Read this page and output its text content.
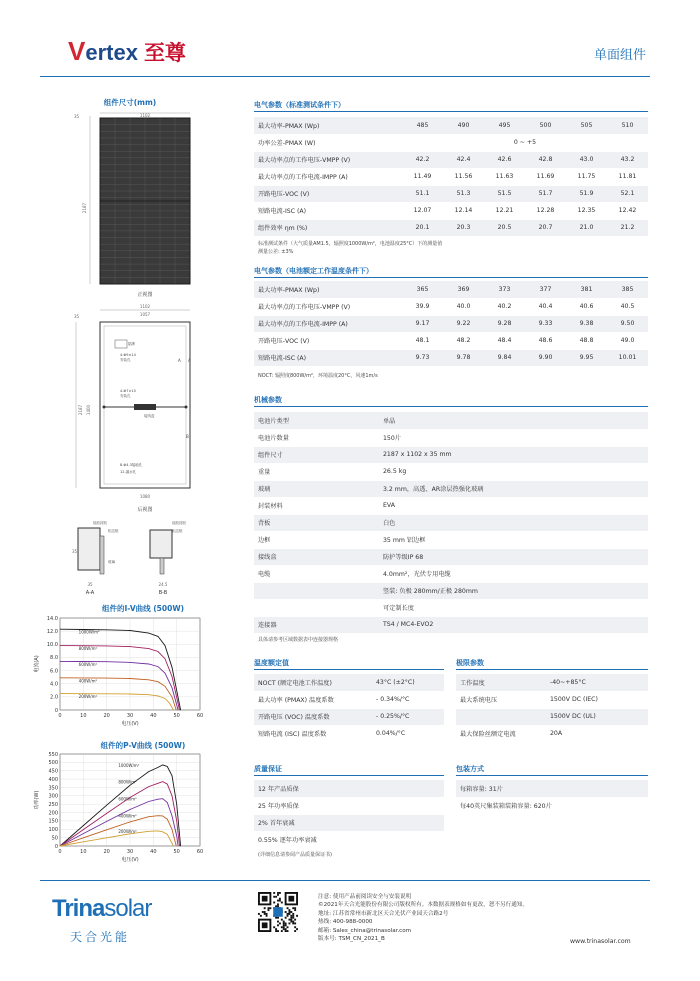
Vertex 至尊	单面组件
组件尺寸(mm)
1102
2187
35
正视图
1102
1057
35
2187 1400
铭牌
4-Φ9×14
安装孔
4-Φ7×10
安装孔
8-Φ4.3接地孔
12-漏水孔
接线盒
A A
B
1080
后视图
硅胶封胶
铝边框
玻璃
35
A-A
35
硅胶封胶
铝边框
24.5
B-B
组件的I-V曲线 (500W)
0	10	20	30	40	50	60
0
2.0
4.0
6.0
8.0
10.0
12.0
14.0
电压(V)
电流(A)
1000W/m²
800W/m²
600W/m²
400W/m²
200W/m²
组件的P-V曲线 (500W)
0	10	20	30	40	50	60
0
50
100
150
200
250
300
350
400
450
500
550
电压(V)
功率(W)
1000W/m²
800W/m²
600W/m²
400W/m²
200W/m²
电气参数（标准测试条件下）
最大功率-PMAX (Wp)	485	490	495	500	505	510
功率公差-PMAX (W)	0 ~ +5					
最大功率点的工作电压-VMPP (V)	42.2	42.4	42.6	42.8	43.0	43.2
最大功率点的工作电流-IMPP (A)	11.49	11.56	11.63	11.69	11.75	11.81
开路电压-VOC (V)	51.1	51.3	51.5	51.7	51.9	52.1
短路电流-ISC (A)	12.07	12.14	12.21	12.28	12.35	12.42
组件效率 ηm (%)	20.1	20.3	20.5	20.7	21.0	21.2
标准测试条件（大气质量AM1.5，辐照度1000W/m²，电池温度25°C）下的测量值
测量公差: ±3%
电气参数（电池额定工作温度条件下）
最大功率-PMAX (Wp)	365	369	373	377	381	385
最大功率点的工作电压-VMPP (V)	39.9	40.0	40.2	40.4	40.6	40.5
最大功率点的工作电流-IMPP (A)	9.17	9.22	9.28	9.33	9.38	9.50
开路电压-VOC (V)	48.1	48.2	48.4	48.6	48.8	49.0
短路电流-ISC (A)	9.73	9.78	9.84	9.90	9.95	10.01
NOCT: 辐照度800W/m²，环境温度20°C，风速1m/s
机械参数
电池片类型	单晶
电池片数量	150片
组件尺寸	2187 x 1102 x 35 mm
重量	26.5 kg
玻璃	3.2 mm，高透、AR涂层热强化玻璃
封装材料	EVA
背板	白色
边框	35 mm 铝边框
接线盒	防护等级IP 68
电缆	4.0mm²，光伏专用电缆
	竖装: 负极 280mm/正极 280mm
	可定制长度
连接器	TS4 / MC4-EVO2
具体请参考区域数据表中连接器规格
温度额定值
NOCT (额定电池工作温度)	43°C (±2°C)
最大功率 (PMAX) 温度系数	- 0.34%/°C
开路电压 (VOC) 温度系数	- 0.25%/°C
短路电流 (ISC) 温度系数	0.04%/°C
极限参数
工作温度	-40~+85°C
最大系统电压	1500V DC (IEC)
	1500V DC (UL)
最大保险丝额定电流	20A
质量保证
12 年产品质保
25 年功率质保
2% 首年衰减
0.55% 逐年功率衰减
(详细信息请参阅产品质量保证书)
包装方式
每箱容量: 31片
每40英尺集装箱装箱容量: 620片
Trinasolar
天合光能
注意: 使用产品前阅读安全与安装说明
©2021年天合光能股份有限公司版权所有。本数据表规格如有更改，恕不另行通知。
地址: 江苏省常州市新北区天合光伏产业园天合路2号
热线: 400-988-0000
邮箱: Sales_china@trinasolar.com
版本号: TSM_CN_2021_B	www.trinasolar.com
